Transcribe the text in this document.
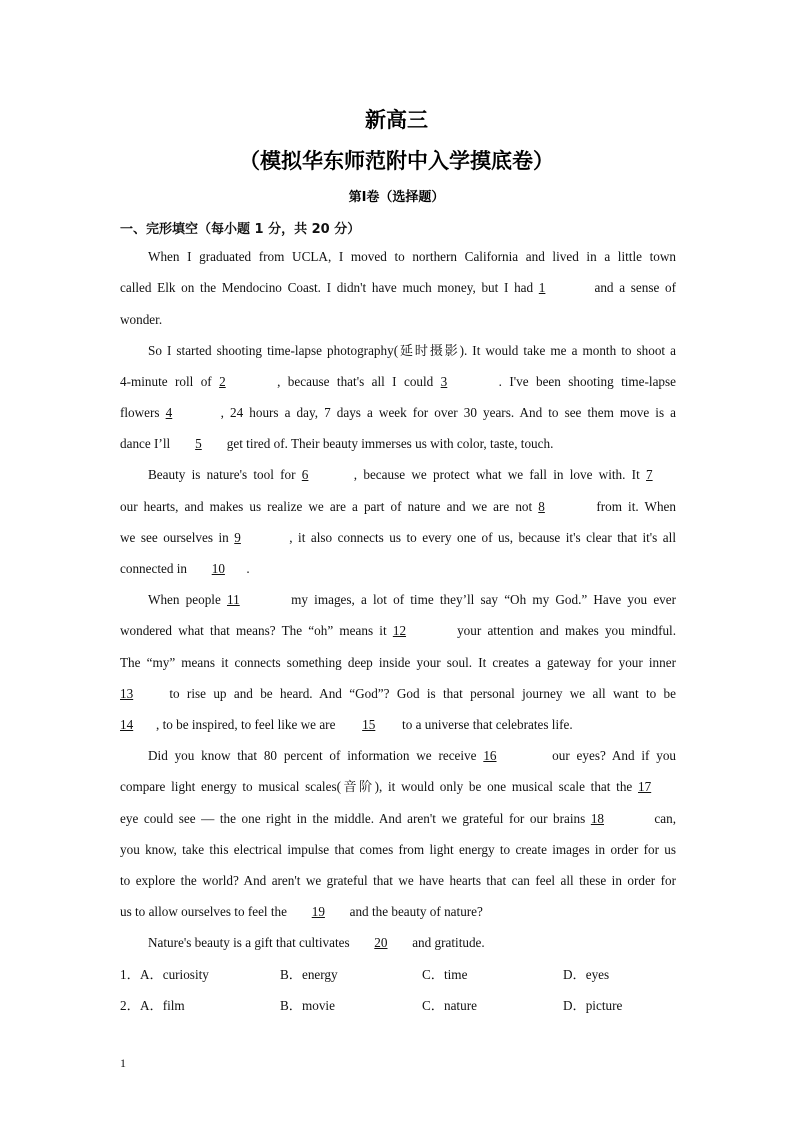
新高三
（模拟华东师范附中入学摸底卷）
第Ⅰ卷（选择题）
一、完形填空（每小题 1 分，共 20 分）
When I graduated from UCLA, I moved to northern California and lived in a little town
called Elk on the Mendocino Coast. I didn't have much money, but I had 1	and a sense of
wonder.
So I started shooting time-lapse photography(延时摄影). It would take me a month to shoot a
4-minute roll of 2	, because that's all I could 3	. I've been shooting time-lapse
flowers 4	, 24 hours a day, 7 days a week for over 30 years. And to see them move is a
dance I’ll 5 get tired of. Their beauty immerses us with color, taste, touch.
Beauty is nature's tool for 6	, because we protect what we fall in love with. It 7
our hearts, and makes us realize we are a part of nature and we are not 8	from it. When
we see ourselves in 9	, it also connects us to every one of us, because it's clear that it's all
connected in 10 .
When people 11	my images, a lot of time they’ll say “Oh my God.” Have you ever
wondered what that means? The “oh” means it 12	your attention and makes you mindful.
The “my” means it connects something deep inside your soul. It creates a gateway for your inner
13	to rise up and be heard. And “God”? God is that personal journey we all want to be
14 , to be inspired, to feel like we are 15 to a universe that celebrates life.
Did you know that 80 percent of information we receive 16	our eyes? And if you
compare light energy to musical scales(音阶), it would only be one musical scale that the 17
eye could see — the one right in the middle. And aren't we grateful for our brains 18	can,
you know, take this electrical impulse that comes from light energy to create images in order for us
to explore the world? And aren't we grateful that we have hearts that can feel all these in order for
us to allow ourselves to feel the 19 and the beauty of nature?
Nature's beauty is a gift that cultivates 20 and gratitude.
1． A．curiosity	B．energy	C．time	D．eyes
2． A．film	B．movie	C．nature	D．picture
1
